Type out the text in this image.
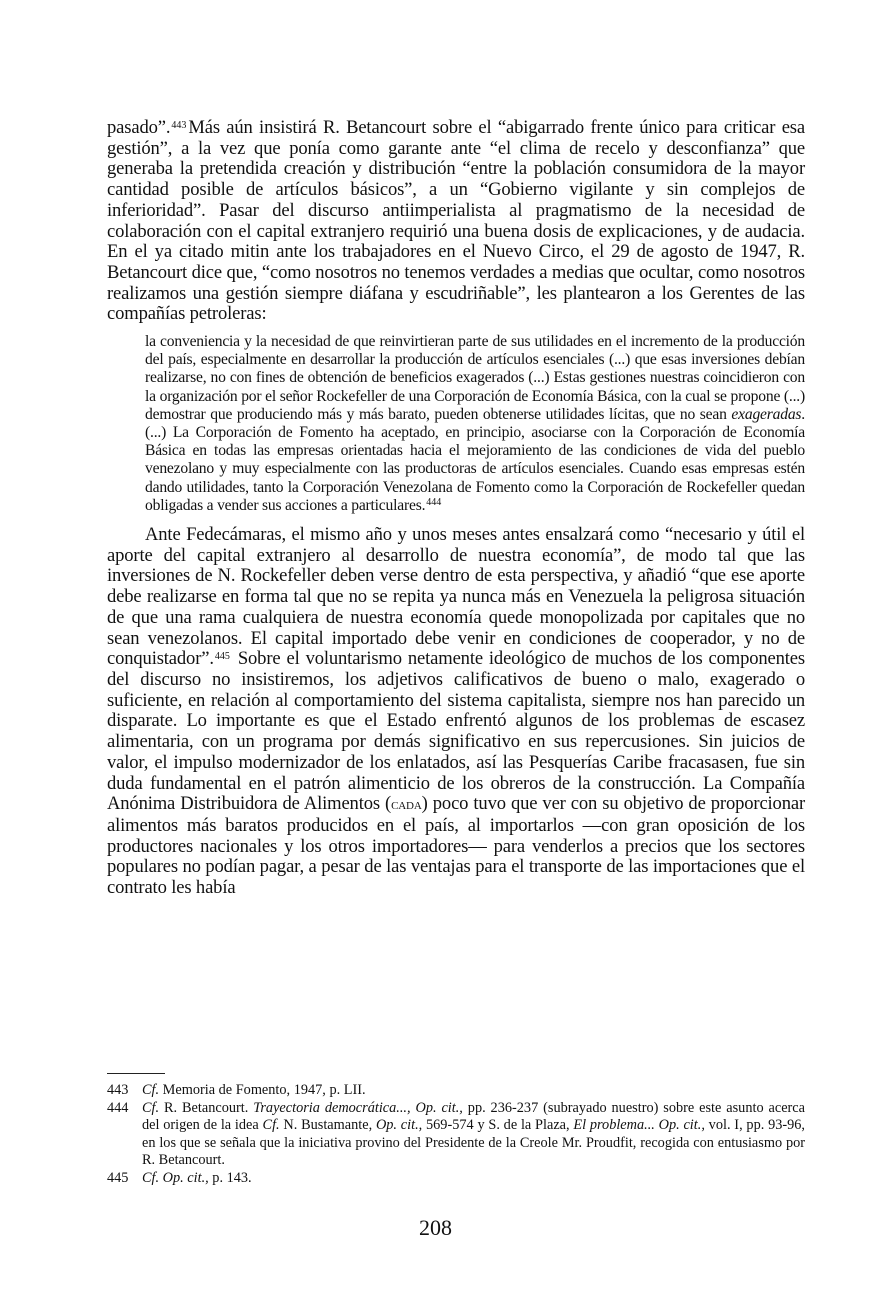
pasado”.$^{443}$ Más aún insistirá R. Betancourt sobre el “abigarrado frente único para criticar esa gestión”, a la vez que ponía como garante ante “el clima de recelo y desconfianza” que generaba la pretendida creación y distribución “entre la población consumidora de la mayor cantidad posible de artículos básicos”, a un “Gobierno vigilante y sin complejos de inferioridad”. Pasar del discurso antiimperialista al pragmatismo de la necesidad de colaboración con el capital extranjero requirió una buena dosis de explicaciones, y de audacia. En el ya citado mitin ante los trabajadores en el Nuevo Circo, el 29 de agosto de 1947, R. Betancourt dice que, “como nosotros no tenemos verdades a medias que ocultar, como nosotros realizamos una gestión siempre diáfana y escudriñable”, les plantearon a los Gerentes de las compañías petroleras:

la conveniencia y la necesidad de que reinvirtieran parte de sus utilidades en el incremento de la producción del país, especialmente en desarrollar la producción de artículos esenciales (...) que esas inversiones debían realizarse, no con fines de obtención de beneficios exagerados (...) Estas gestiones nuestras coincidieron con la organización por el señor Rockefeller de una Corporación de Economía Básica, con la cual se propone (...) demostrar que produciendo más y más barato, pueden obtenerse utilidades lícitas, que no sean exageradas. (...) La Corporación de Fomento ha aceptado, en principio, asociarse con la Corporación de Economía Básica en todas las empresas orientadas hacia el mejoramiento de las condiciones de vida del pueblo venezolano y muy especialmente con las productoras de artículos esenciales. Cuando esas empresas estén dando utilidades, tanto la Corporación Venezolana de Fomento como la Corporación de Rockefeller quedan obligadas a vender sus acciones a particulares.$^{444}$

Ante Fedecámaras, el mismo año y unos meses antes ensalzará como “necesario y útil el aporte del capital extranjero al desarrollo de nuestra economía”, de modo tal que las inversiones de N. Rockefeller deben verse dentro de esta perspectiva, y añadió “que ese aporte debe realizarse en forma tal que no se repita ya nunca más en Venezuela la peligrosa situación de que una rama cualquiera de nuestra economía quede monopolizada por capitales que no sean venezolanos. El capital importado debe venir en condiciones de cooperador, y no de conquistador”.$^{445}$ Sobre el voluntarismo netamente ideológico de muchos de los componentes del discurso no insistiremos, los adjetivos calificativos de bueno o malo, exagerado o suficiente, en relación al comportamiento del sistema capitalista, siempre nos han parecido un disparate. Lo importante es que el Estado enfrentó algunos de los problemas de escasez alimentaria, con un programa por demás significativo en sus repercusiones. Sin juicios de valor, el impulso modernizador de los enlatados, así las Pesquerías Caribe fracasasen, fue sin duda fundamental en el patrón alimenticio de los obreros de la construcción. La Compañía Anónima Distribuidora de Alimentos (cada) poco tuvo que ver con su objetivo de proporcionar alimentos más baratos producidos en el país, al importarlos —con gran oposición de los productores nacionales y los otros importadores— para venderlos a precios que los sectores populares no podían pagar, a pesar de las ventajas para el transporte de las importaciones que el contrato les había

443 Cf. Memoria de Fomento, 1947, p. LII.
444 Cf. R. Betancourt. Trayectoria democrática..., Op. cit., pp. 236-237 (subrayado nuestro) sobre este asunto acerca del origen de la idea Cf. N. Bustamante, Op. cit., 569-574 y S. de la Plaza, El problema... Op. cit., vol. I, pp. 93-96, en los que se señala que la iniciativa provino del Presidente de la Creole Mr. Proudfit, recogida con entusiasmo por R. Betancourt.
445 Cf. Op. cit., p. 143.
208
